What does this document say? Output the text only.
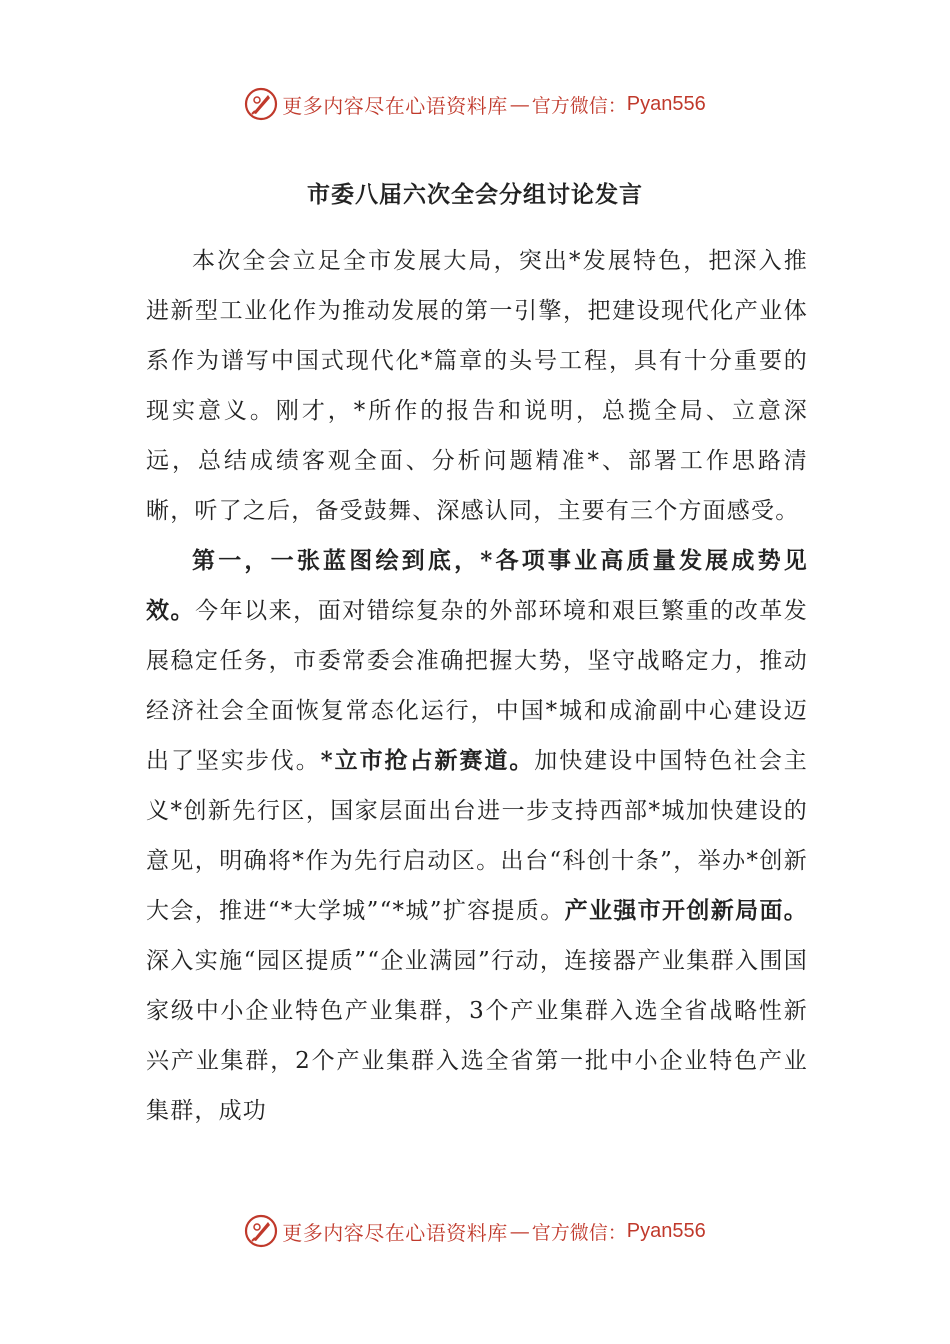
更多内容尽在心语资料库 — 官方微信： Pyan556
市委八届六次全会分组讨论发言

本次全会立足全市发展大局，突出*发展特色，把深入推进新型工业化作为推动发展的第一引擎，把建设现代化产业体系作为谱写中国式现代化*篇章的头号工程，具有十分重要的现实意义。刚才，*所作的报告和说明，总揽全局、立意深远，总结成绩客观全面、分析问题精准*、部署工作思路清晰，听了之后，备受鼓舞、深感认同，主要有三个方面感受。

第一，一张蓝图绘到底，*各项事业高质量发展成势见效。今年以来，面对错综复杂的外部环境和艰巨繁重的改革发展稳定任务，市委常委会准确把握大势，坚守战略定力，推动经济社会全面恢复常态化运行，中国*城和成渝副中心建设迈出了坚实步伐。*立市抢占新赛道。加快建设中国特色社会主义*创新先行区，国家层面出台进一步支持西部*城加快建设的意见，明确将*作为先行启动区。出台“科创十条”，举办*创新大会，推进“*大学城”“*城”扩容提质。产业强市开创新局面。深入实施“园区提质”“企业满园”行动，连接器产业集群入围国家级中小企业特色产业集群，3个产业集群入选全省战略性新兴产业集群，2个产业集群入选全省第一批中小企业特色产业集群，成功

更多内容尽在心语资料库 — 官方微信： Pyan556
